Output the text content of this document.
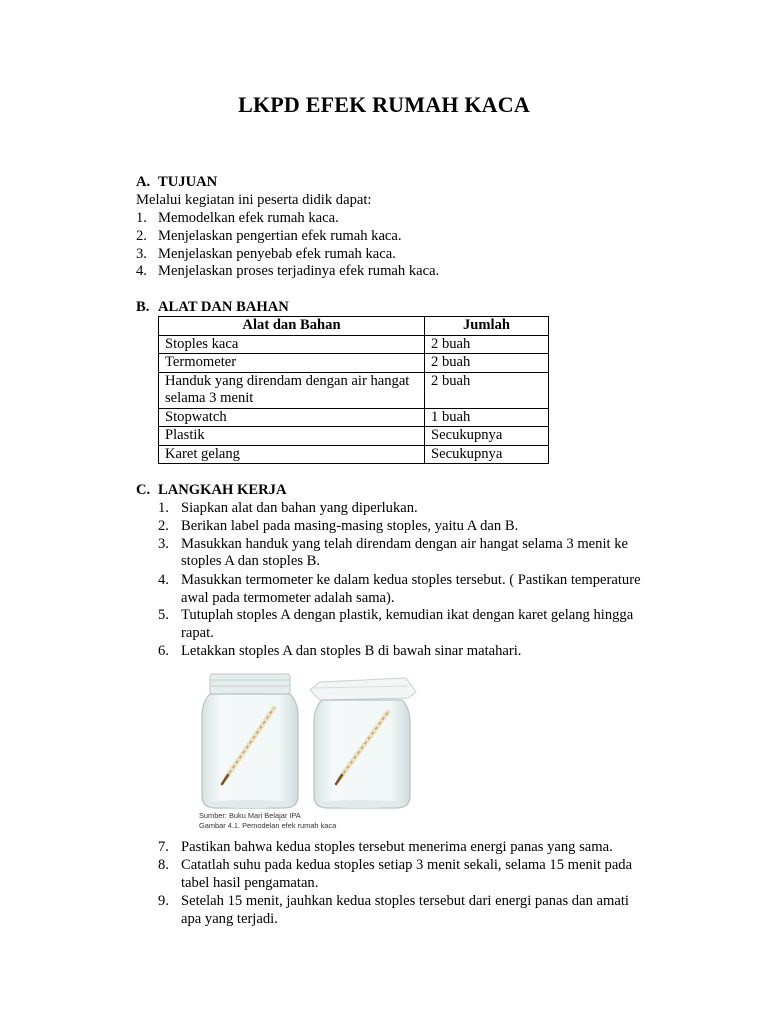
LKPD EFEK RUMAH KACA
A. TUJUAN
Melalui kegiatan ini peserta didik dapat:
1. Memodelkan efek rumah kaca.
2. Menjelaskan pengertian efek rumah kaca.
3. Menjelaskan penyebab efek rumah kaca.
4. Menjelaskan proses terjadinya efek rumah kaca.
B. ALAT DAN BAHAN
Alat dan Bahan	Jumlah
Stoples kaca	2 buah
Termometer	2 buah
Handuk yang direndam dengan air hangat selama 3 menit	2 buah
Stopwatch	1 buah
Plastik	Secukupnya
Karet gelang	Secukupnya
C. LANGKAH KERJA
1. Siapkan alat dan bahan yang diperlukan.
2. Berikan label pada masing-masing stoples, yaitu A dan B.
3. Masukkan handuk yang telah direndam dengan air hangat selama 3 menit ke
stoples A dan stoples B.
4. Masukkan termometer ke dalam kedua stoples tersebut. ( Pastikan temperature
awal pada termometer adalah sama).
5. Tutuplah stoples A dengan plastik, kemudian ikat dengan karet gelang hingga
rapat.
6. Letakkan stoples A dan stoples B di bawah sinar matahari.
Sumber: Buku Mari Belajar IPA
Gambar 4.1. Pemodelan efek rumah kaca
7. Pastikan bahwa kedua stoples tersebut menerima energi panas yang sama.
8. Catatlah suhu pada kedua stoples setiap 3 menit sekali, selama 15 menit pada
tabel hasil pengamatan.
9. Setelah 15 menit, jauhkan kedua stoples tersebut dari energi panas dan amati
apa yang terjadi.
